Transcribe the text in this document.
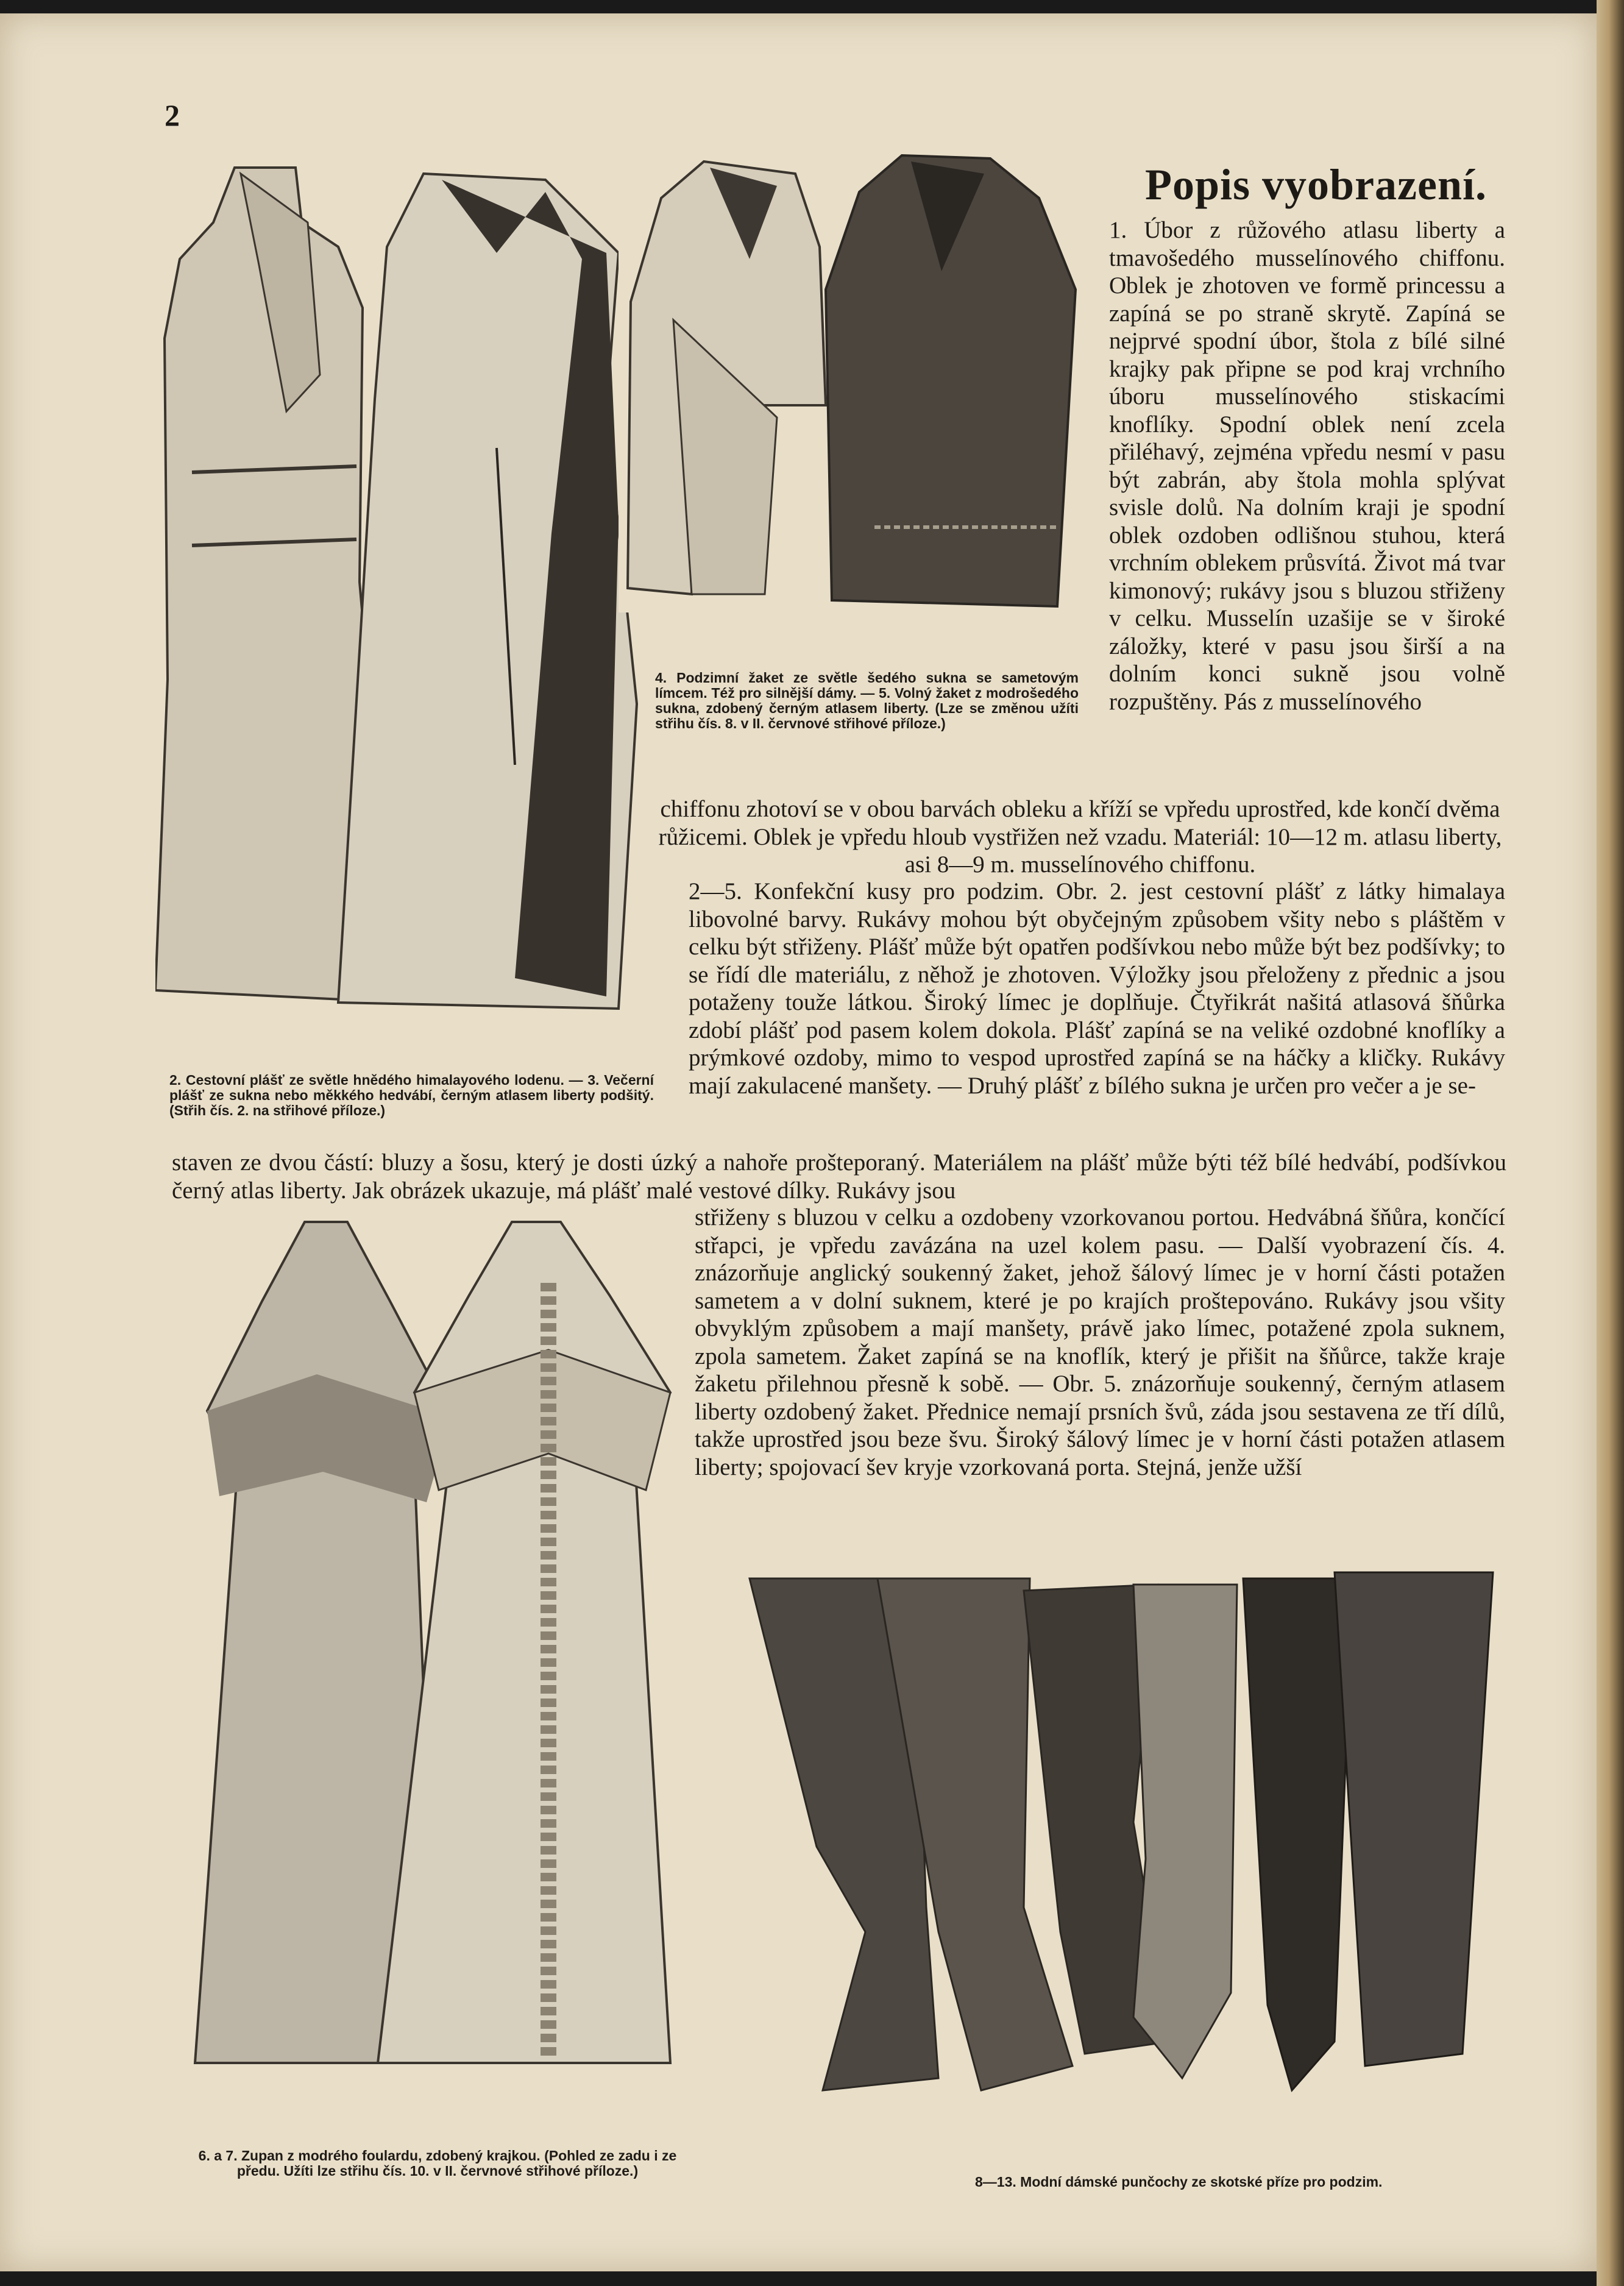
2
Popis vyobrazení.
4. Podzimní žaket ze světle šedého sukna se sametovým límcem. Též pro silnější dámy. — 5. Volný žaket z modrošedého sukna, zdobený černým atlasem liberty. (Lze se změnou užíti střihu čís. 8. v II. červnové střihové příloze.)
2. Cestovní plášť ze světle hnědého himalayového lodenu. — 3. Večerní plášť ze sukna nebo měkkého hedvábí, černým atlasem liberty podšitý. (Střih čís. 2. na střihové příloze.)
1. Úbor z růžového atlasu liberty a tmavošedého musselínového chiffonu. Oblek je zhotoven ve formě princessu a zapíná se po straně skrytě. Zapíná se nejprvé spodní úbor, štola z bílé silné krajky pak připne se pod kraj vrchního úboru musselínového stiskacími knoflíky. Spodní oblek není zcela přiléhavý, zejména vpředu nesmí v pasu být zabrán, aby štola mohla splývat svisle dolů. Na dolním kraji je spodní oblek ozdoben odlišnou stuhou, která vrchním oblekem průsvítá. Život má tvar kimonový; rukávy jsou s bluzou střiženy v celku. Musselín uzašije se v široké záložky, které v pasu jsou širší a na dolním konci sukně jsou volně rozpuštěny. Pás z musselínového
chiffonu zhotoví se v obou barvách obleku a kříží se vpředu uprostřed, kde končí dvěma růžicemi. Oblek je vpředu hloub vystřižen než vzadu. Materiál: 10—12 m. atlasu liberty, asi 8—9 m. musselínového chiffonu.
2—5. Konfekční kusy pro podzim. Obr. 2. jest cestovní plášť z látky himalaya libovolné barvy. Rukávy mohou být obyčejným způsobem všity nebo s pláštěm v celku být střiženy. Plášť může být opatřen podšívkou nebo může být bez podšívky; to se řídí dle materiálu, z něhož je zhotoven. Výložky jsou přeloženy z přednic a jsou potaženy touže látkou. Široký límec je doplňuje. Čtyřikrát našitá atlasová šňůrka zdobí plášť pod pasem kolem dokola. Plášť zapíná se na veliké ozdobné knoflíky a prýmkové ozdoby, mimo to vespod uprostřed zapíná se na háčky a kličky. Rukávy mají zakulacené manšety. — Druhý plášť z bílého sukna je určen pro večer a je se-
staven ze dvou částí: bluzy a šosu, který je dosti úzký a nahoře prošteporaný. Materiálem na plášť může býti též bílé hedvábí, podšívkou černý atlas liberty. Jak obrázek ukazuje, má plášť malé vestové dílky. Rukávy jsou
střiženy s bluzou v celku a ozdobeny vzorkovanou portou. Hedvábná šňůra, končící střapci, je vpředu zavázána na uzel kolem pasu. — Další vyobrazení čís. 4. znázorňuje anglický soukenný žaket, jehož šálový límec je v horní části potažen sametem a v dolní suknem, které je po krajích proštepováno. Rukávy jsou všity obvyklým způsobem a mají manšety, právě jako límec, potažené zpola suknem, zpola sametem. Žaket zapíná se na knoflík, který je přišit na šňůrce, takže kraje žaketu přilehnou přesně k sobě. — Obr. 5. znázorňuje soukenný, černým atlasem liberty ozdobený žaket. Přednice nemají prsních švů, záda jsou sestavena ze tří dílů, takže uprostřed jsou beze švu. Široký šálový límec je v horní části potažen atlasem liberty; spojovací šev kryje vzorkovaná porta. Stejná, jenže užší
6. a 7. Zupan z modrého foulardu, zdobený krajkou. (Pohled ze zadu i ze předu. Užíti lze střihu čís. 10. v II. červnové střihové příloze.)
8—13. Modní dámské punčochy ze skotské příze pro podzim.
